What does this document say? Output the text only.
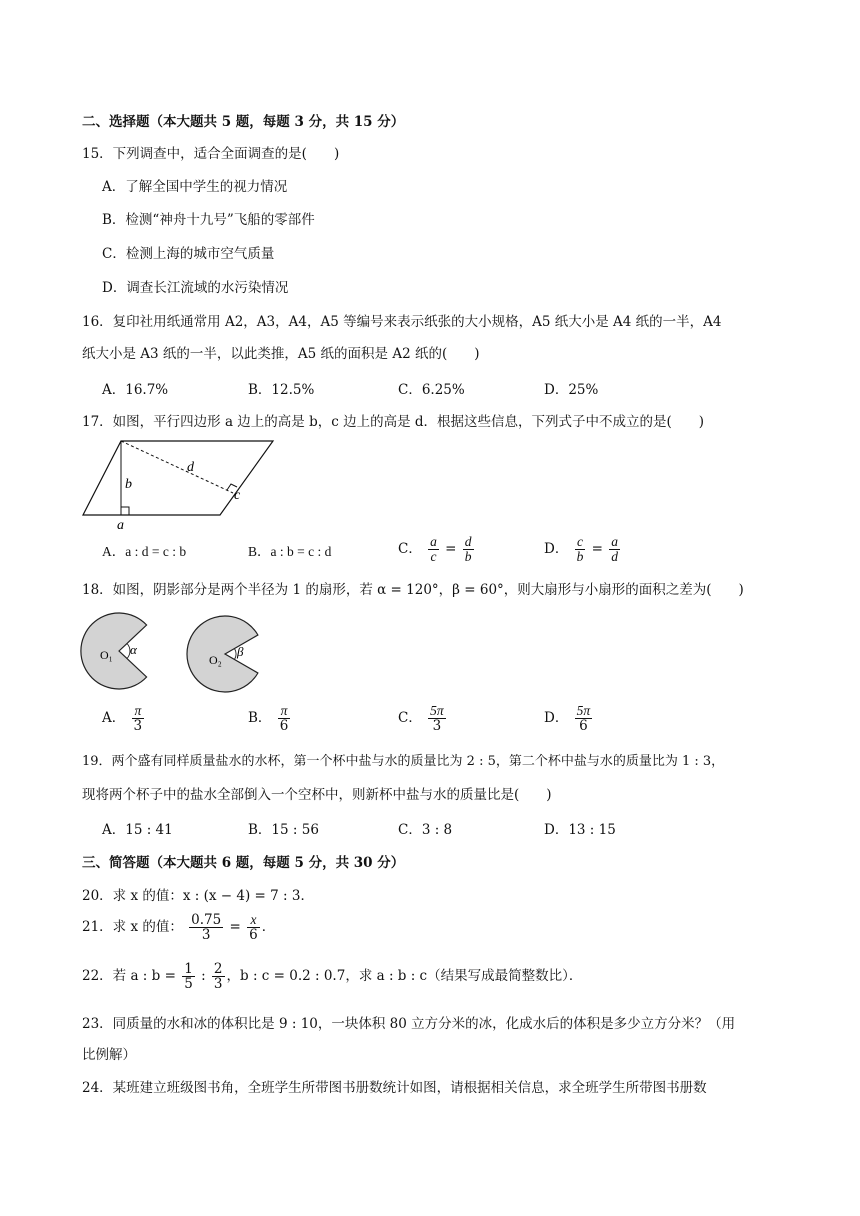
二、选择题（本大题共 5 题，每题 3 分，共 15 分）
15．下列调查中，适合全面调查的是(　　)
A．了解全国中学生的视力情况
B．检测“神舟十九号”飞船的零部件
C．检测上海的城市空气质量
D．调查长江流域的水污染情况
16．复印社用纸通常用 A2，A3，A4，A5 等编号来表示纸张的大小规格，A5 纸大小是 A4 纸的一半，A4
纸大小是 A3 纸的一半，以此类推，A5 纸的面积是 A2 纸的(　　)
A．16.7%	B．12.5%	C．6.25%	D．25%
17．如图，平行四边形 a 边上的高是 b，c 边上的高是 d．根据这些信息，下列式子中不成立的是(　　)
b
d
c
a
A．a : d = c : b	B．a : b = c : d	C． $\frac{a}{c} = \frac{d}{b}$	D． $\frac{c}{b} = \frac{a}{d}$
18．如图，阴影部分是两个半径为 1 的扇形，若 α = 120°，β = 60°，则大扇形与小扇形的面积之差为(　　)
O₁ α
O₂
β
A． $\frac{\pi}{3}$	B． $\frac{\pi}{6}$	C． $\frac{5\pi}{3}$	D． $\frac{5\pi}{6}$
19．两个盛有同样质量盐水的水杯，第一个杯中盐与水的质量比为 2 : 5，第二个杯中盐与水的质量比为 1 : 3，
现将两个杯子中的盐水全部倒入一个空杯中，则新杯中盐与水的质量比是(　　)
A．15 : 41	B．15 : 56	C．3 : 8	D．13 : 15
三、简答题（本大题共 6 题，每题 5 分，共 30 分）
20．求 x 的值：x : (x − 4) = 7 : 3．
21．求 x 的值： $\frac{0.75}{3} = \frac{x}{6}$ ．
22．若 a : $b = \frac{1}{5}$ : $\frac{2}{3}$ ，b : c = 0.2 : 0.7，求 a : b : c（结果写成最简整数比）．
23．同质量的水和冰的体积比是 9 : 10，一块体积 80 立方分米的冰，化成水后的体积是多少立方分米？（用
比例解）
24．某班建立班级图书角，全班学生所带图书册数统计如图，请根据相关信息，求全班学生所带图书册数
